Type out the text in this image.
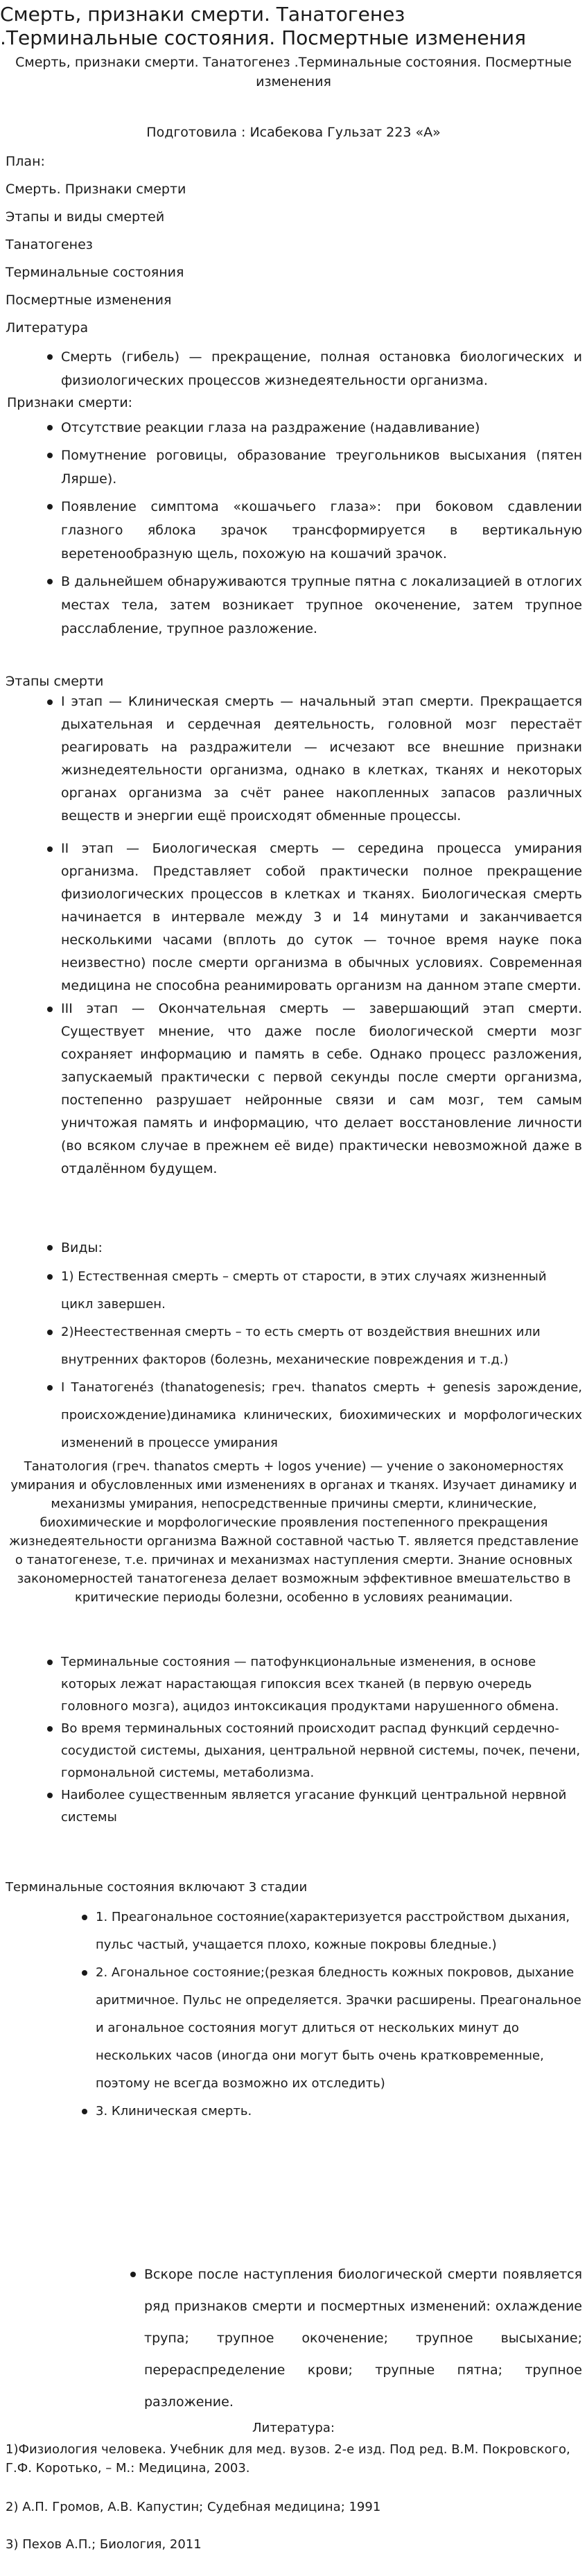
Смерть, признаки смерти. Танатогенез .Терминальные состояния. Посмертные изменения
Смерть, признаки смерти. Танатогенез .Терминальные состояния. Посмертные изменения
Подготовила : Исабекова Гульзат 223 «А»
План:
Смерть. Признаки смерти
Этапы и виды смертей
Танатогенез
Терминальные состояния
Посмертные изменения
Литература
Смерть (гибель) — прекращение, полная остановка биологических и физиологических процессов жизнедеятельности организма.
Признаки смерти:
Отсутствие реакции глаза на раздражение (надавливание)
Помутнение роговицы, образование треугольников высыхания (пятен Лярше).
Появление симптома «кошачьего глаза»: при боковом сдавлении глазного яблока зрачок трансформируется в вертикальную веретенообразную щель, похожую на кошачий зрачок.
В дальнейшем обнаруживаются трупные пятна с локализацией в отлогих местах тела, затем возникает трупное окоченение, затем трупное расслабление, трупное разложение.
Этапы смерти
I этап — Клиническая смерть — начальный этап смерти. Прекращается дыхательная и сердечная деятельность, головной мозг перестаёт реагировать на раздражители — исчезают все внешние признаки жизнедеятельности организма, однако в клетках, тканях и некоторых органах организма за счёт ранее накопленных запасов различных веществ и энергии ещё происходят обменные процессы.
II этап — Биологическая смерть — середина процесса умирания организма. Представляет собой практически полное прекращение физиологических процессов в клетках и тканях. Биологическая смерть начинается в интервале между 3 и 14 минутами и заканчивается несколькими часами (вплоть до суток — точное время науке пока неизвестно) после смерти организма в обычных условиях. Современная медицина не способна реанимировать организм на данном этапе смерти.
III этап — Окончательная смерть — завершающий этап смерти. Существует мнение, что даже после биологической смерти мозг сохраняет информацию и память в себе. Однако процесс разложения, запускаемый практически с первой секунды после смерти организма, постепенно разрушает нейронные связи и сам мозг, тем самым уничтожая память и информацию, что делает восстановление личности (во всяком случае в прежнем её виде) практически невозможной даже в отдалённом будущем.
Виды:
1) Естественная смерть – смерть от старости, в этих случаях жизненный цикл завершен.
2)Неестественная смерть – то есть смерть от воздействия внешних или внутренних факторов (болезнь, механические повреждения и т.д.)
I Танатогенéз (thanatogenesis; греч. thanatos смерть + genesis зарождение, происхождение)динамика клинических, биохимических и морфологических изменений в процессе умирания
Танатология (греч. thanatos смерть + logos учение) — учение о закономерностях умирания и обусловленных ими изменениях в органах и тканях. Изучает динамику и механизмы умирания, непосредственные причины смерти, клинические, биохимические и морфологические проявления постепенного прекращения жизнедеятельности организма Важной составной частью Т. является представление о танатогенезе, т.е. причинах и механизмах наступления смерти. Знание основных закономерностей танатогенеза делает возможным эффективное вмешательство в критические периоды болезни, особенно в условиях реанимации.
Терминальные состояния — патофункциональные изменения, в основе которых лежат нарастающая гипоксия всех тканей (в первую очередь головного мозга), ацидоз интоксикация продуктами нарушенного обмена.
Во время терминальных состояний происходит распад функций сердечно-сосудистой системы, дыхания, центральной нервной системы, почек, печени, гормональной системы, метаболизма.
Наиболее существенным является угасание функций центральной нервной системы
Терминальные состояния включают 3 стадии
1. Преагональное состояние(характеризуется расстройством дыхания, пульс частый, учащается плохо, кожные покровы бледные.)
2. Агональное состояние;(резкая бледность кожных покровов, дыхание аритмичное. Пульс не определяется. Зрачки расширены. Преагональное и агональное состояния могут длиться от нескольких минут до нескольких часов (иногда они могут быть очень кратковременные, поэтому не всегда возможно их отследить)
3. Клиническая смерть.
Вскоре после наступления биологической смерти появляется ряд признаков смерти и посмертных изменений: охлаждение трупа; трупное окоченение; трупное высыхание; перераспределение крови; трупные пятна; трупное разложение.
Литература:
1)Физиология человека. Учебник для мед. вузов. 2-е изд. Под ред. В.М. Покровского, Г.Ф. Коротько, – М.: Медицина, 2003.
2) А.П. Громов, А.В. Капустин; Судебная медицина; 1991
3) Пехов А.П.; Биология, 2011
